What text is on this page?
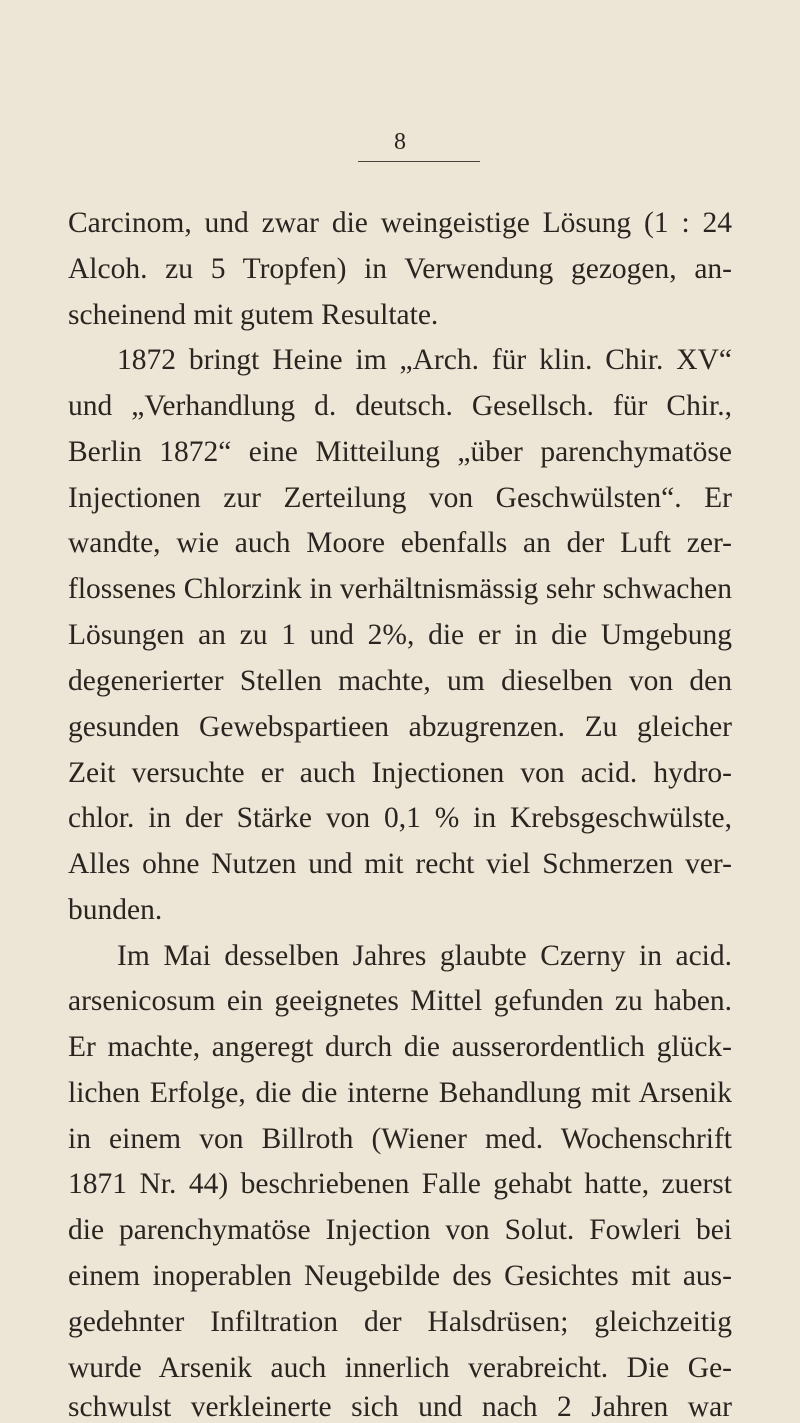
8
Carcinom, und zwar die weingeistige Lösung (1 : 24
Alcoh. zu 5 Tropfen) in Verwendung gezogen, an-
scheinend mit gutem Resultate.
1872 bringt Heine im „Arch. für klin. Chir. XV“
und „Verhandlung d. deutsch. Gesellsch. für Chir.,
Berlin 1872“ eine Mitteilung „über parenchymatöse
Injectionen zur Zerteilung von Geschwülsten“. Er
wandte, wie auch Moore ebenfalls an der Luft zer-
flossenes Chlorzink in verhältnismässig sehr schwachen
Lösungen an zu 1 und 2%, die er in die Umgebung
degenerierter Stellen machte, um dieselben von den
gesunden Gewebspartieen abzugrenzen. Zu gleicher
Zeit versuchte er auch Injectionen von acid. hydro-
chlor. in der Stärke von 0,1 % in Krebsgeschwülste,
Alles ohne Nutzen und mit recht viel Schmerzen ver-
bunden.
Im Mai desselben Jahres glaubte Czerny in acid.
arsenicosum ein geeignetes Mittel gefunden zu haben.
Er machte, angeregt durch die ausserordentlich glück-
lichen Erfolge, die die interne Behandlung mit Arsenik
in einem von Billroth (Wiener med. Wochenschrift
1871 Nr. 44) beschriebenen Falle gehabt hatte, zuerst
die parenchymatöse Injection von Solut. Fowleri bei
einem inoperablen Neugebilde des Gesichtes mit aus-
gedehnter Infiltration der Halsdrüsen; gleichzeitig
wurde Arsenik auch innerlich verabreicht. Die Ge-
schwulst verkleinerte sich und nach 2 Jahren war
